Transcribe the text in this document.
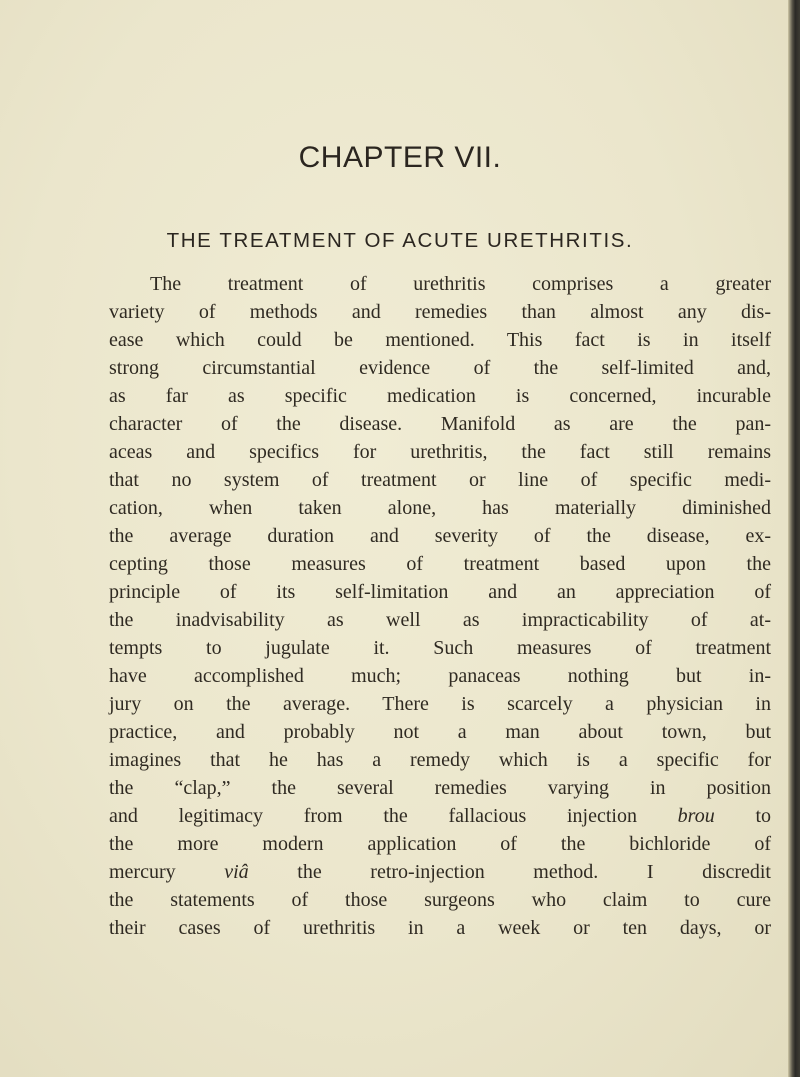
CHAPTER VII.
THE TREATMENT OF ACUTE URETHRITIS.
The treatment of urethritis comprises a greater
variety of methods and remedies than almost any dis-
ease which could be mentioned. This fact is in itself
strong circumstantial evidence of the self-limited and,
as far as specific medication is concerned, incurable
character of the disease. Manifold as are the pan-
aceas and specifics for urethritis, the fact still remains
that no system of treatment or line of specific medi-
cation, when taken alone, has materially diminished
the average duration and severity of the disease, ex-
cepting those measures of treatment based upon the
principle of its self-limitation and an appreciation of
the inadvisability as well as impracticability of at-
tempts to jugulate it. Such measures of treatment
have accomplished much; panaceas nothing but in-
jury on the average. There is scarcely a physician in
practice, and probably not a man about town, but
imagines that he has a remedy which is a specific for
the “clap,” the several remedies varying in position
and legitimacy from the fallacious injection brou to
the more modern application of the bichloride of
mercury viâ the retro-injection method. I discredit
the statements of those surgeons who claim to cure
their cases of urethritis in a week or ten days, or
